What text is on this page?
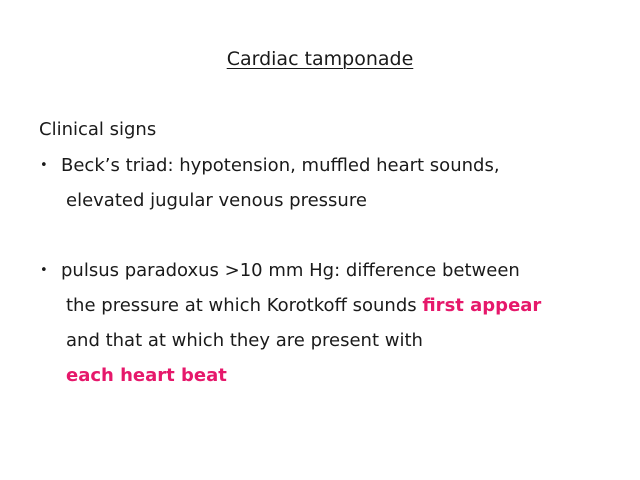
Cardiac tamponade
Clinical signs
• Beck’s triad: hypotension, muffled heart sounds,
elevated jugular venous pressure
• pulsus paradoxus >10 mm Hg: difference between
the pressure at which Korotkoff sounds first appear
and that at which they are present with
each heart beat
